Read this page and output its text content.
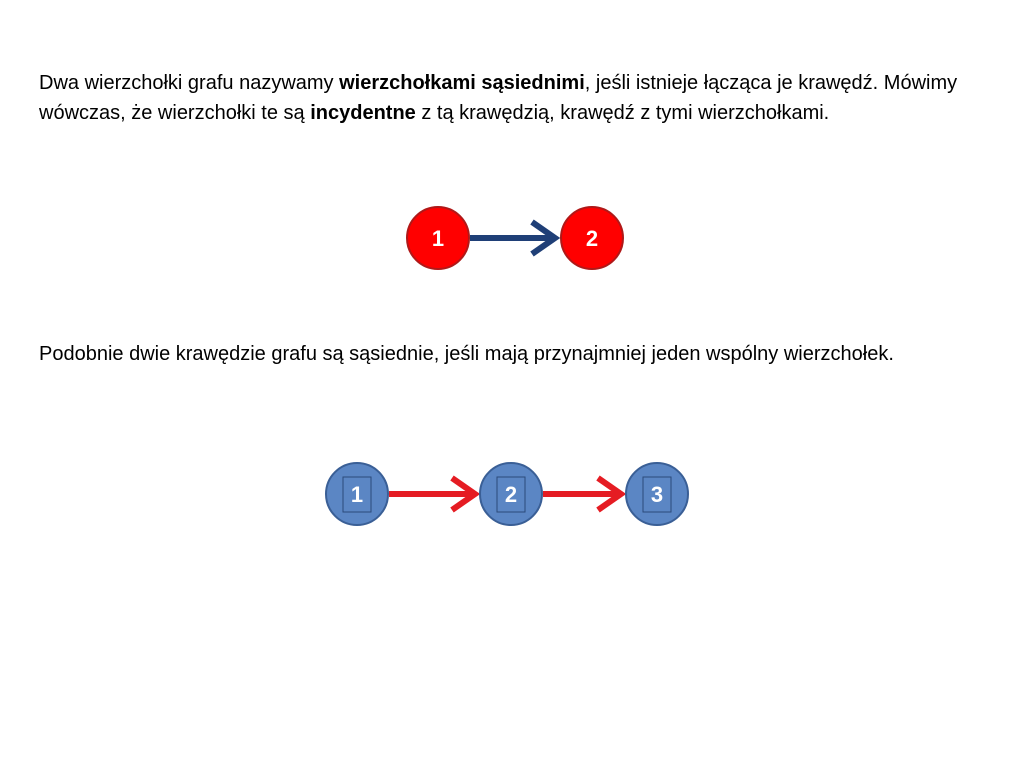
Dwa wierzchołki grafu nazywamy wierzchołkami sąsiednimi, jeśli istnieje łącząca je krawędź. Mówimy wówczas, że wierzchołki te są incydentne z tą krawędzią, krawędź z tymi wierzchołkami.

1	2
1	2	3

Podobnie dwie krawędzie grafu są sąsiednie, jeśli mają przynajmniej jeden wspólny wierzchołek.
